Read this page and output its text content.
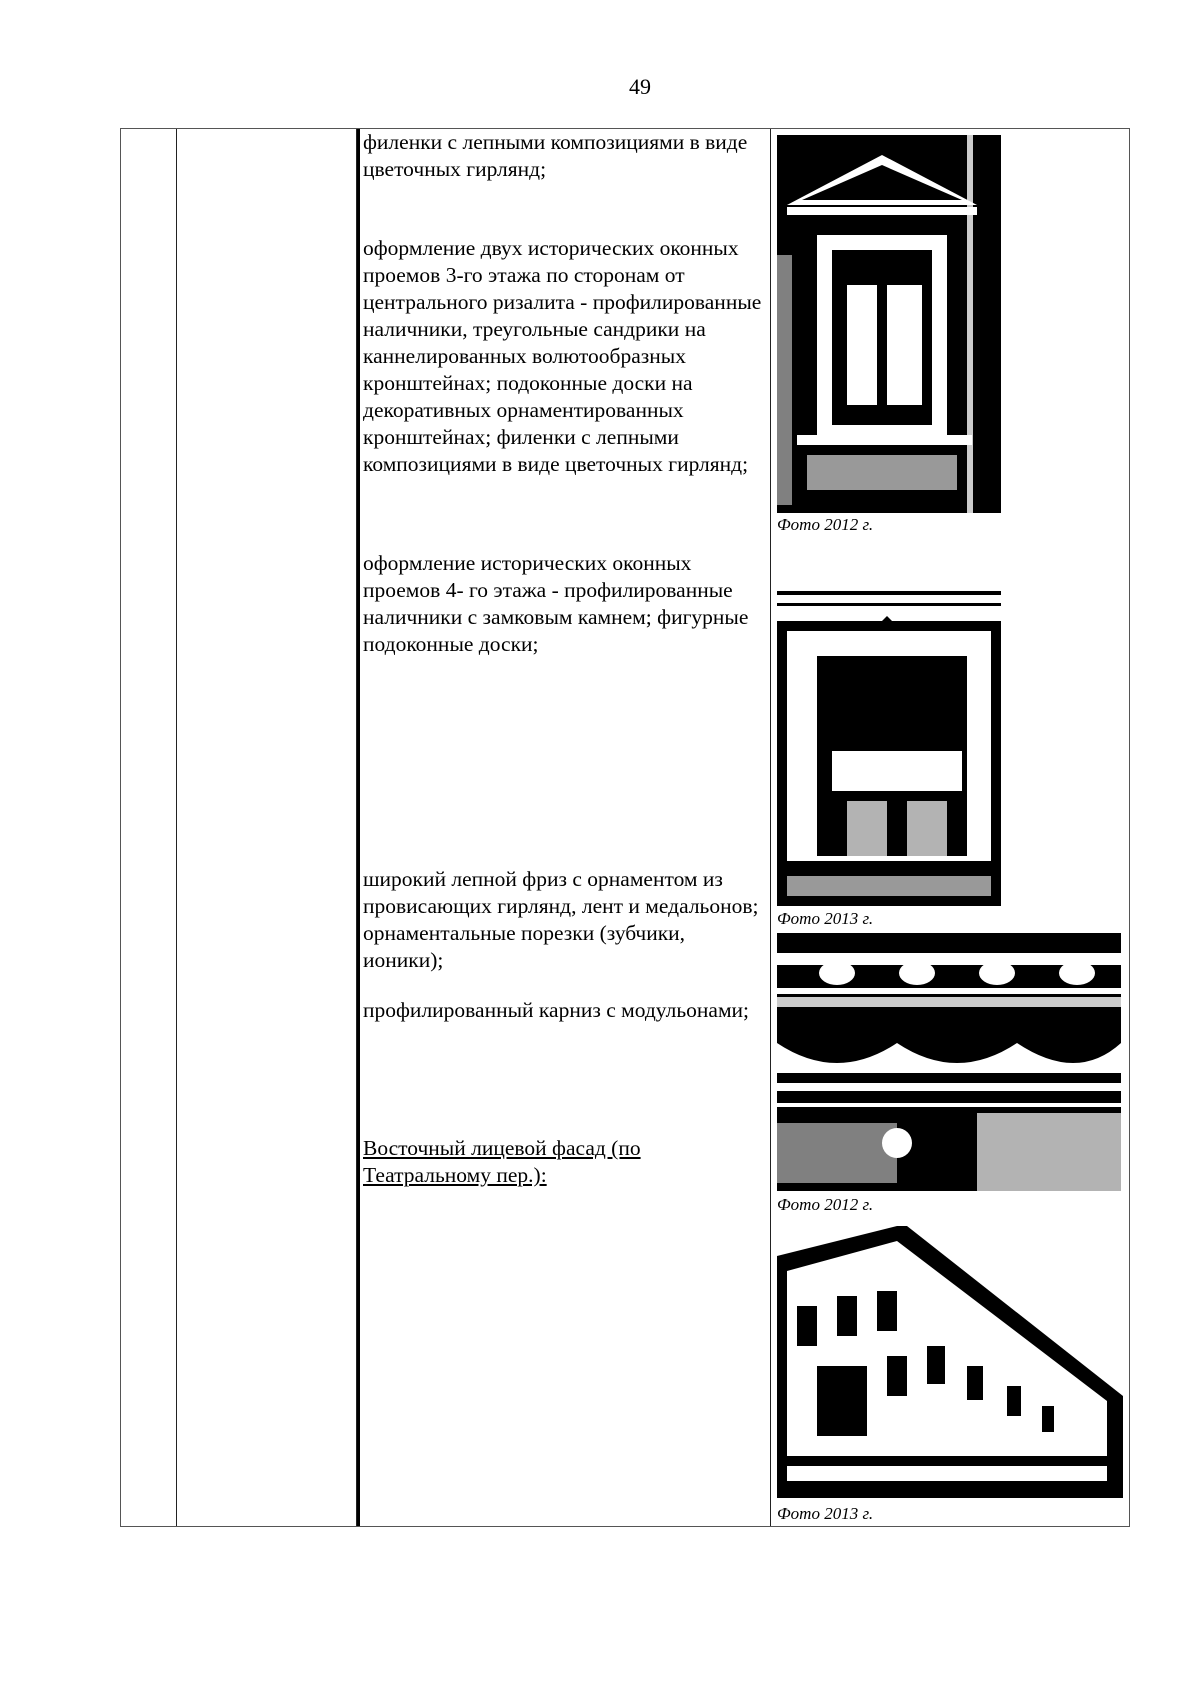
49
филенки с лепными композициями в виде цветочных гирлянд;
оформление двух исторических оконных проемов 3-го этажа по сторонам от центрального ризалита - профилированные наличники, треугольные сандрики на каннелированных волютообразных кронштейнах; подоконные доски на декоративных орнаментированных кронштейнах; филенки с лепными композициями в виде цветочных гирлянд;
оформление исторических оконных проемов 4- го этажа - профилированные наличники с замковым камнем; фигурные подоконные доски;
широкий лепной фриз с орнаментом из провисающих гирлянд, лент и медальонов; орнаментальные порезки (зубчики, ионики);
профилированный карниз с модульонами;
Восточный лицевой фасад (по Театральному пер.):
Фото 2012 г.
Фото 2013 г.
Фото 2012 г.
Фото 2013 г.
